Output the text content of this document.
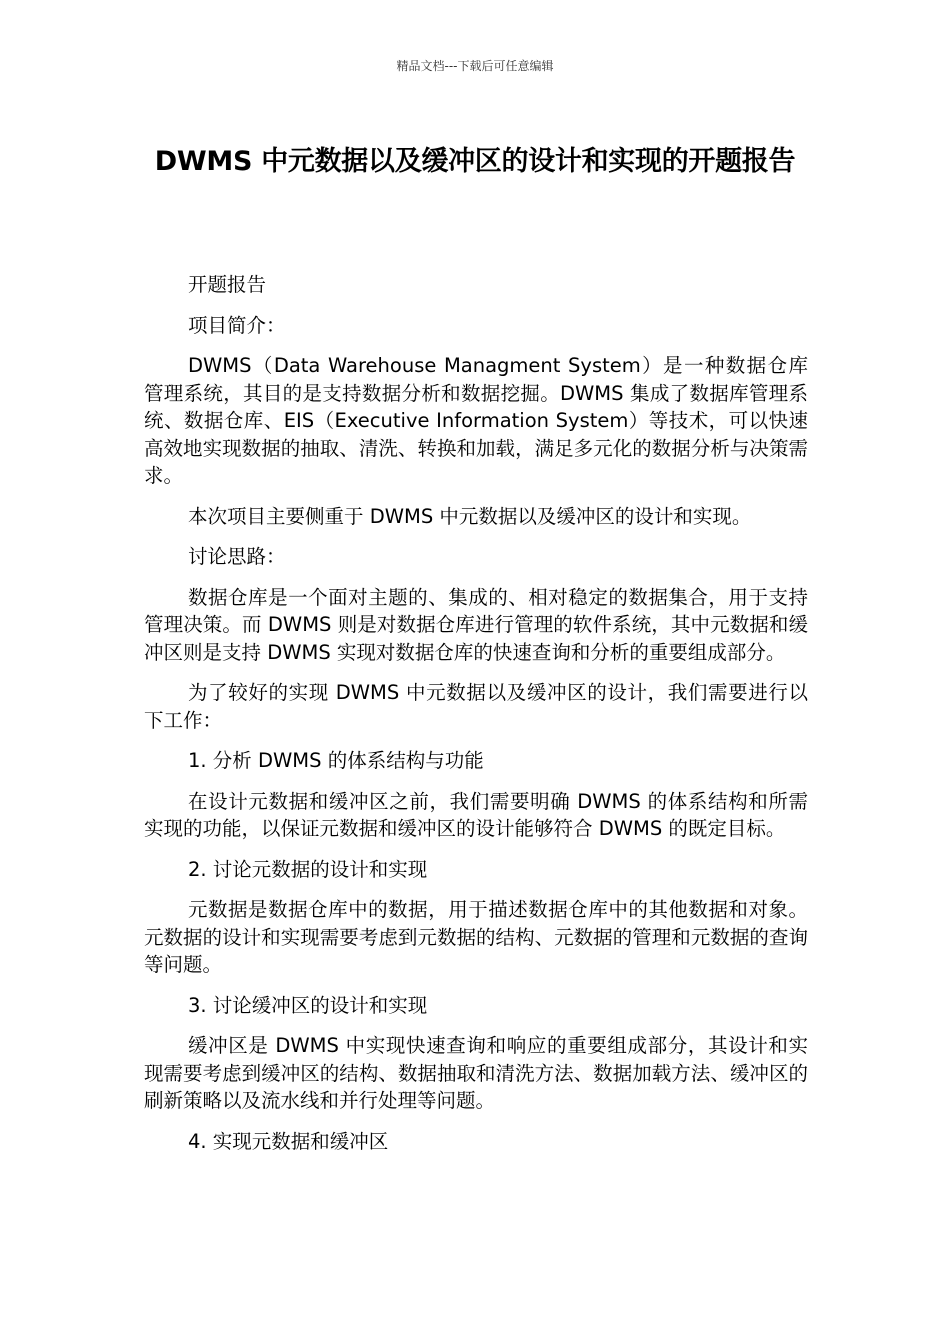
精品文档---下载后可任意编辑
DWMS 中元数据以及缓冲区的设计和实现的开题报告

开题报告

项目简介：

DWMS（Data Warehouse Managment System）是一种数据仓库管理系统，其目的是支持数据分析和数据挖掘。DWMS 集成了数据库管理系统、数据仓库、EIS（Executive Information System）等技术，可以快速高效地实现数据的抽取、清洗、转换和加载，满足多元化的数据分析与决策需求。

本次项目主要侧重于 DWMS 中元数据以及缓冲区的设计和实现。

讨论思路：

数据仓库是一个面对主题的、集成的、相对稳定的数据集合，用于支持管理决策。而 DWMS 则是对数据仓库进行管理的软件系统，其中元数据和缓冲区则是支持 DWMS 实现对数据仓库的快速查询和分析的重要组成部分。

为了较好的实现 DWMS 中元数据以及缓冲区的设计，我们需要进行以下工作：

1. 分析 DWMS 的体系结构与功能

在设计元数据和缓冲区之前，我们需要明确 DWMS 的体系结构和所需实现的功能，以保证元数据和缓冲区的设计能够符合 DWMS 的既定目标。

2. 讨论元数据的设计和实现

元数据是数据仓库中的数据，用于描述数据仓库中的其他数据和对象。元数据的设计和实现需要考虑到元数据的结构、元数据的管理和元数据的查询等问题。

3. 讨论缓冲区的设计和实现

缓冲区是 DWMS 中实现快速查询和响应的重要组成部分，其设计和实现需要考虑到缓冲区的结构、数据抽取和清洗方法、数据加载方法、缓冲区的刷新策略以及流水线和并行处理等问题。

4. 实现元数据和缓冲区
